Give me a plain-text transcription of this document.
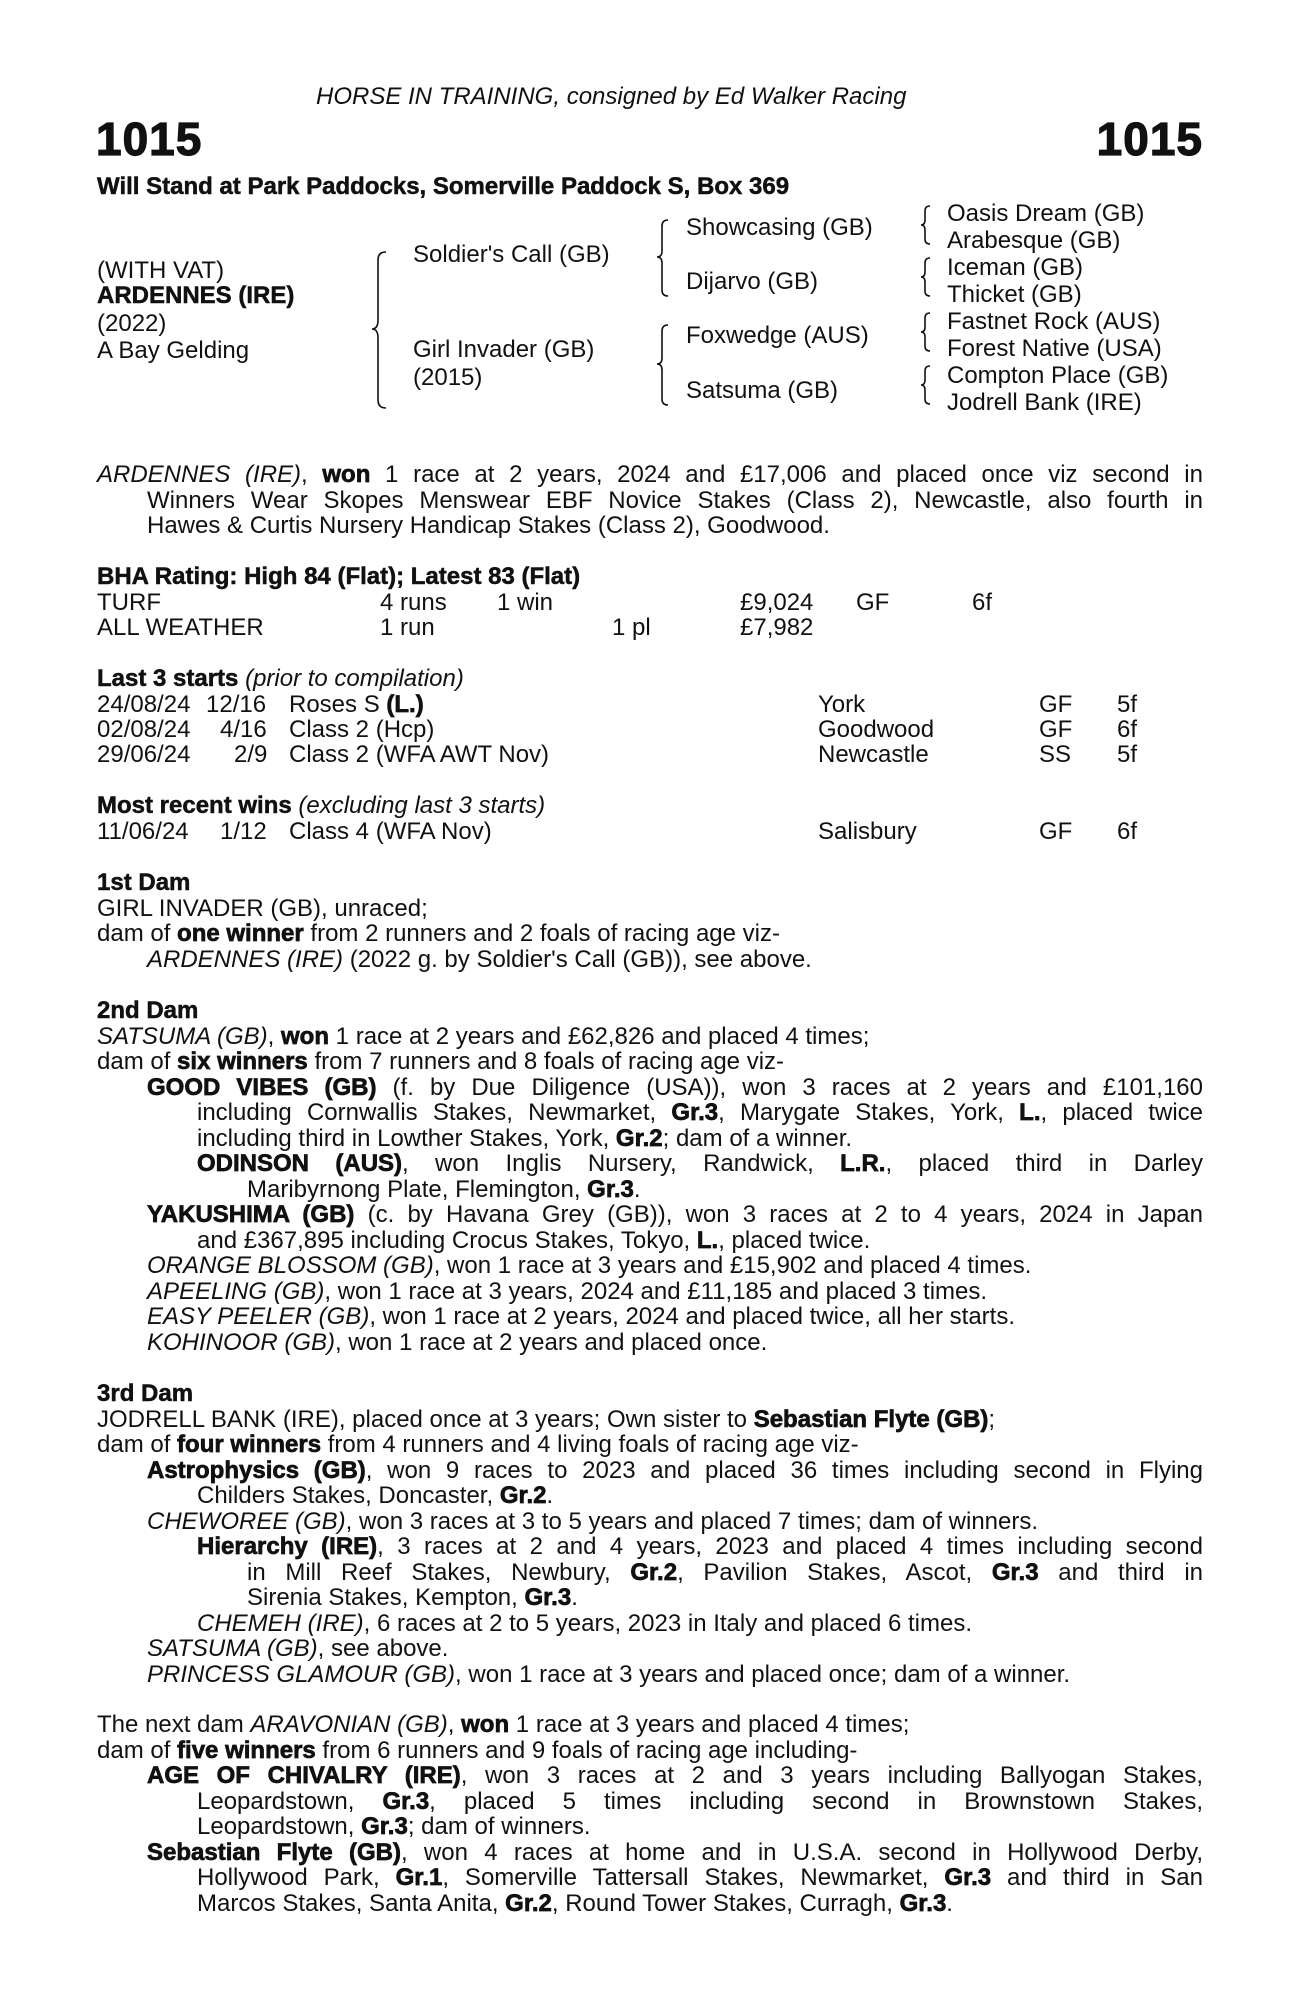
HORSE IN TRAINING, consigned by Ed Walker Racing
1015	1015
Will Stand at Park Paddocks, Somerville Paddock S, Box 369
(WITH VAT)
ARDENNES (IRE)
(2022)
A Bay Gelding
Soldier's Call (GB)
Girl Invader (GB)
(2015)
Showcasing (GB)
Dijarvo (GB)
Foxwedge (AUS)
Satsuma (GB)
Oasis Dream (GB)
Arabesque (GB)
Iceman (GB)
Thicket (GB)
Fastnet Rock (AUS)
Forest Native (USA)
Compton Place (GB)
Jodrell Bank (IRE)
ARDENNES (IRE), won 1 race at 2 years, 2024 and £17,006 and placed once viz second in
Winners Wear Skopes Menswear EBF Novice Stakes (Class 2), Newcastle, also fourth in
Hawes & Curtis Nursery Handicap Stakes (Class 2), Goodwood.
BHA Rating: High 84 (Flat); Latest 83 (Flat)
TURF	4 runs 1 win	£9,024 GF	6f
ALL WEATHER	1 run	1 pl	£7,982
Last 3 starts (prior to compilation)
24/08/24 12/16 Roses S (L.)	York	GF 5f
02/08/24 4/16 Class 2 (Hcp)	Goodwood	GF 6f
29/06/24 2/9 Class 2 (WFA AWT Nov)	Newcastle	SS 5f
Most recent wins (excluding last 3 starts)
11/06/24 1/12 Class 4 (WFA Nov)	Salisbury	GF 6f
1st Dam
GIRL INVADER (GB), unraced;
dam of one winner from 2 runners and 2 foals of racing age viz-
ARDENNES (IRE) (2022 g. by Soldier's Call (GB)), see above.
2nd Dam
SATSUMA (GB), won 1 race at 2 years and £62,826 and placed 4 times;
dam of six winners from 7 runners and 8 foals of racing age viz-
GOOD VIBES (GB) (f. by Due Diligence (USA)), won 3 races at 2 years and £101,160
including Cornwallis Stakes, Newmarket, Gr.3, Marygate Stakes, York, L., placed twice
including third in Lowther Stakes, York, Gr.2; dam of a winner.
ODINSON (AUS), won Inglis Nursery, Randwick, L.R., placed third in Darley
Maribyrnong Plate, Flemington, Gr.3.
YAKUSHIMA (GB) (c. by Havana Grey (GB)), won 3 races at 2 to 4 years, 2024 in Japan
and £367,895 including Crocus Stakes, Tokyo, L., placed twice.
ORANGE BLOSSOM (GB), won 1 race at 3 years and £15,902 and placed 4 times.
APEELING (GB), won 1 race at 3 years, 2024 and £11,185 and placed 3 times.
EASY PEELER (GB), won 1 race at 2 years, 2024 and placed twice, all her starts.
KOHINOOR (GB), won 1 race at 2 years and placed once.
3rd Dam
JODRELL BANK (IRE), placed once at 3 years; Own sister to Sebastian Flyte (GB);
dam of four winners from 4 runners and 4 living foals of racing age viz-
Astrophysics (GB), won 9 races to 2023 and placed 36 times including second in Flying
Childers Stakes, Doncaster, Gr.2.
CHEWOREE (GB), won 3 races at 3 to 5 years and placed 7 times; dam of winners.
Hierarchy (IRE), 3 races at 2 and 4 years, 2023 and placed 4 times including second
in Mill Reef Stakes, Newbury, Gr.2, Pavilion Stakes, Ascot, Gr.3 and third in
Sirenia Stakes, Kempton, Gr.3.
CHEMEH (IRE), 6 races at 2 to 5 years, 2023 in Italy and placed 6 times.
SATSUMA (GB), see above.
PRINCESS GLAMOUR (GB), won 1 race at 3 years and placed once; dam of a winner.
The next dam ARAVONIAN (GB), won 1 race at 3 years and placed 4 times;
dam of five winners from 6 runners and 9 foals of racing age including-
AGE OF CHIVALRY (IRE), won 3 races at 2 and 3 years including Ballyogan Stakes,
Leopardstown, Gr.3, placed 5 times including second in Brownstown Stakes,
Leopardstown, Gr.3; dam of winners.
Sebastian Flyte (GB), won 4 races at home and in U.S.A. second in Hollywood Derby,
Hollywood Park, Gr.1, Somerville Tattersall Stakes, Newmarket, Gr.3 and third in San
Marcos Stakes, Santa Anita, Gr.2, Round Tower Stakes, Curragh, Gr.3.
